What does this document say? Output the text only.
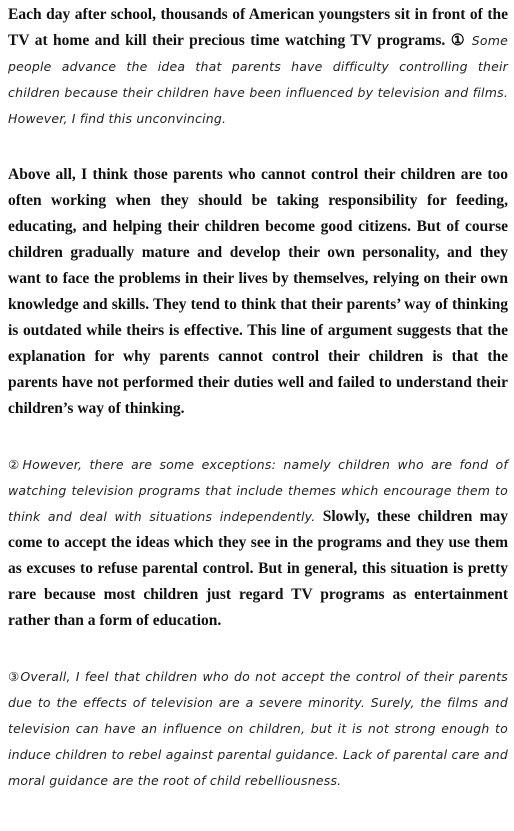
Each day after school, thousands of American youngsters sit in front of the TV at home and kill their precious time watching TV programs. ① Some people advance the idea that parents have difficulty controlling their children because their children have been influenced by television and films. However, I find this unconvincing.

Above all, I think those parents who cannot control their children are too often working when they should be taking responsibility for feeding, educating, and helping their children become good citizens. But of course children gradually mature and develop their own personality, and they want to face the problems in their lives by themselves, relying on their own knowledge and skills. They tend to think that their parents’ way of thinking is outdated while theirs is effective. This line of argument suggests that the explanation for why parents cannot control their children is that the parents have not performed their duties well and failed to understand their children’s way of thinking.

②However, there are some exceptions: namely children who are fond of watching television programs that include themes which encourage them to think and deal with situations independently. Slowly, these children may come to accept the ideas which they see in the programs and they use them as excuses to refuse parental control. But in general, this situation is pretty rare because most children just regard TV programs as entertainment rather than a form of education.

③Overall, I feel that children who do not accept the control of their parents due to the effects of television are a severe minority. Surely, the films and television can have an influence on children, but it is not strong enough to induce children to rebel against parental guidance. Lack of parental care and moral guidance are the root of child rebelliousness.
